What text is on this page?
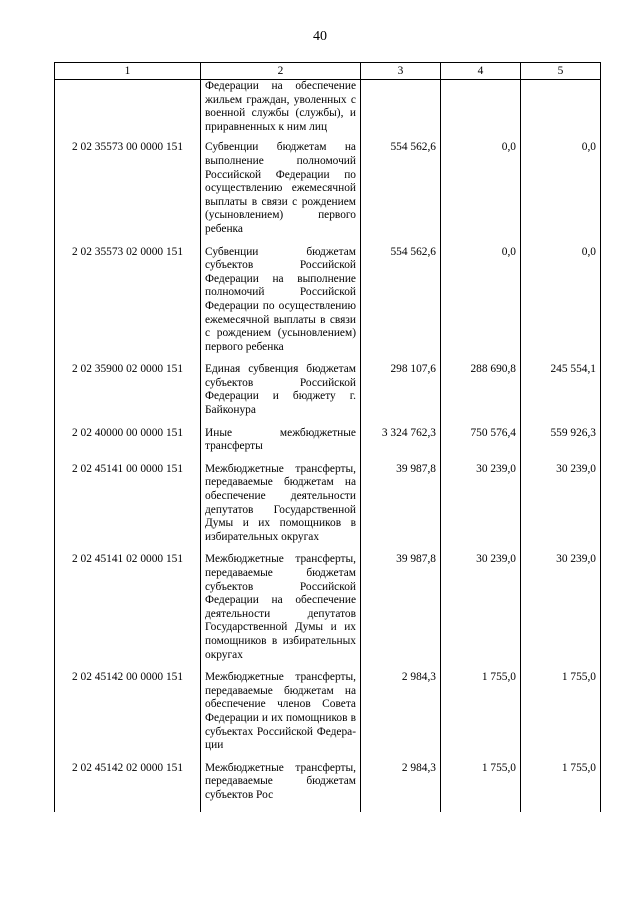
40
1	2	3	4	5
	Федерации на обеспечение жильем граждан, уволенных с военной службы (службы), и приравненных к ним лиц			
2 02 35573 00 0000 151	Субвенции бюджетам на выполнение полномочий Российской Федерации по осуществлению ежемесячной выплаты в связи с рождением (усыновлением) первого ребенка	554 562,6	0,0	0,0
2 02 35573 02 0000 151	Субвенции бюджетам субъектов Российской Федерации на выполнение полномочий Российской Федерации по осуществлению ежемесячной выплаты в связи с рождением (усыновлением) первого ребенка	554 562,6	0,0	0,0
2 02 35900 02 0000 151	Единая субвенция бюджетам субъектов Российской Федерации и бюджету г. Байконура	298 107,6	288 690,8	245 554,1
2 02 40000 00 0000 151	Иные межбюджетные трансферты	3 324 762,3	750 576,4	559 926,3
2 02 45141 00 0000 151	Межбюджетные трансферты, передаваемые бюджетам на обеспечение деятельности депутатов Государственной Думы и их помощников в избирательных округах	39 987,8	30 239,0	30 239,0
2 02 45141 02 0000 151	Межбюджетные трансферты, передаваемые бюджетам субъектов Российской Федерации на обеспечение деятельности депутатов Государственной Думы и их помощников в избирательных округах	39 987,8	30 239,0	30 239,0
2 02 45142 00 0000 151	Межбюджетные трансферты, передаваемые бюджетам на обеспечение членов Совета Федерации и их помощников в субъектах Российской Федерации	2 984,3	1 755,0	1 755,0
2 02 45142 02 0000 151	Межбюджетные трансферты, передаваемые бюджетам субъектов Рос	2 984,3	1 755,0	1 755,0
